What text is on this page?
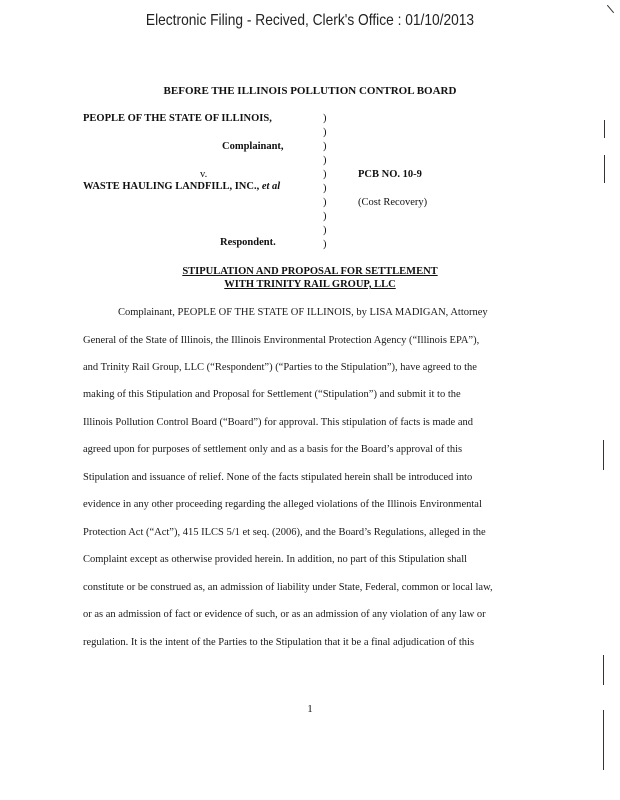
Electronic Filing - Recived, Clerk's Office : 01/10/2013
BEFORE THE ILLINOIS POLLUTION CONTROL BOARD
PEOPLE OF THE STATE OF ILLINOIS,
Complainant,
v.
WASTE HAULING LANDFILL, INC., et al
Respondent.
)
)
)
)
)
)
)
)
)
)
PCB NO. 10-9
(Cost Recovery)
STIPULATION AND PROPOSAL FOR SETTLEMENT
WITH TRINITY RAIL GROUP, LLC
Complainant, PEOPLE OF THE STATE OF ILLINOIS, by LISA MADIGAN, Attorney
General of the State of Illinois, the Illinois Environmental Protection Agency (“Illinois EPA”),
and Trinity Rail Group, LLC (“Respondent”) (“Parties to the Stipulation”), have agreed to the
making of this Stipulation and Proposal for Settlement (“Stipulation”) and submit it to the
Illinois Pollution Control Board (“Board”) for approval. This stipulation of facts is made and
agreed upon for purposes of settlement only and as a basis for the Board’s approval of this
Stipulation and issuance of relief. None of the facts stipulated herein shall be introduced into
evidence in any other proceeding regarding the alleged violations of the Illinois Environmental
Protection Act (“Act”), 415 ILCS 5/1 et seq. (2006), and the Board’s Regulations, alleged in the
Complaint except as otherwise provided herein. In addition, no part of this Stipulation shall
constitute or be construed as, an admission of liability under State, Federal, common or local law,
or as an admission of fact or evidence of such, or as an admission of any violation of any law or
regulation. It is the intent of the Parties to the Stipulation that it be a final adjudication of this
1
